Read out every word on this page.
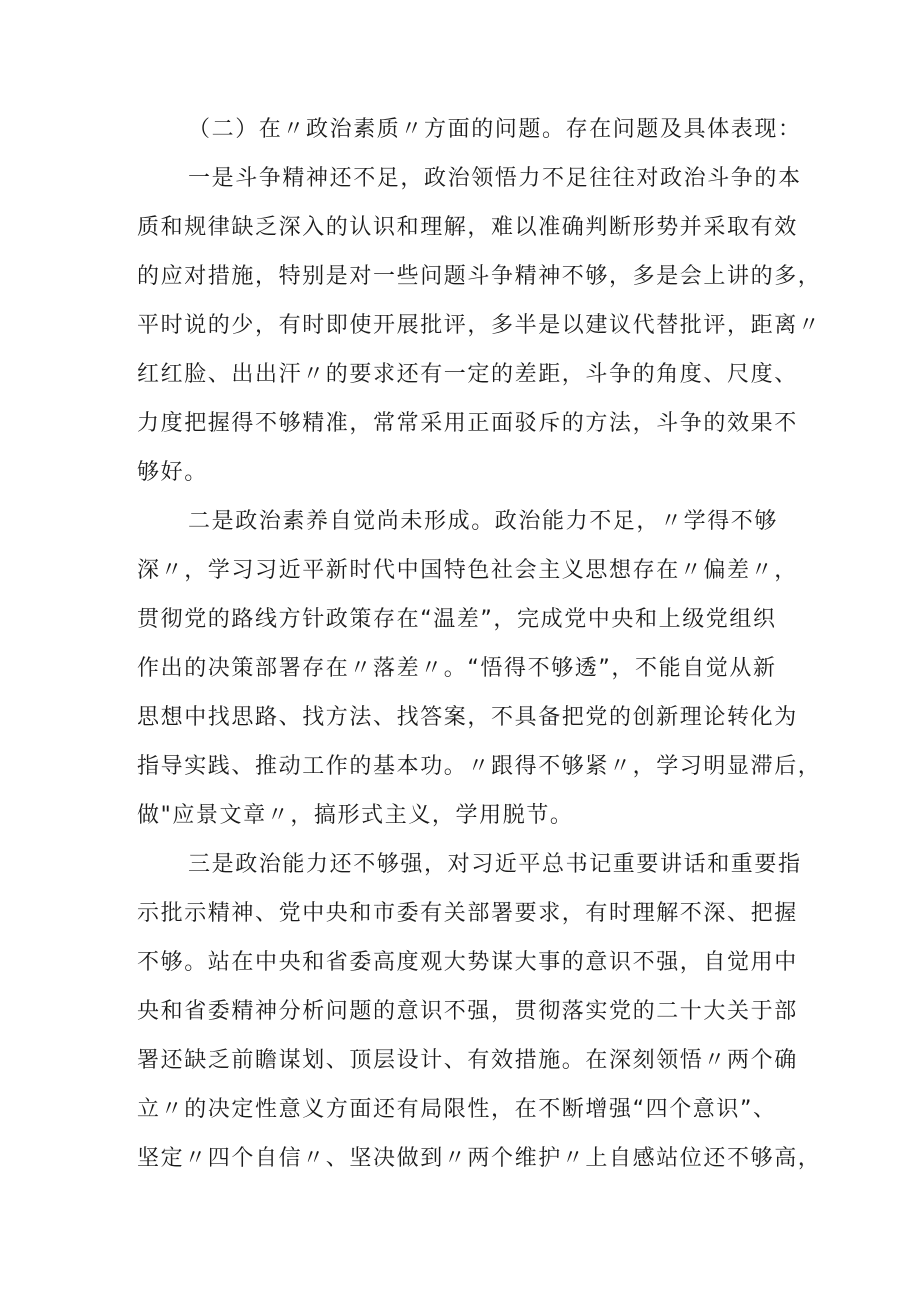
（二）在〃政治素质〃方面的问题。存在问题及具体表现：
一是斗争精神还不足，政治领悟力不足往往对政治斗争的本
质和规律缺乏深入的认识和理解，难以准确判断形势并采取有效
的应对措施，特别是对一些问题斗争精神不够，多是会上讲的多，
平时说的少，有时即使开展批评，多半是以建议代替批评，距离〃
红红脸、出出汗〃的要求还有一定的差距，斗争的角度、尺度、
力度把握得不够精准，常常采用正面驳斥的方法，斗争的效果不
够好。
二是政治素养自觉尚未形成。政治能力不足，〃学得不够
深〃，学习习近平新时代中国特色社会主义思想存在〃偏差〃，
贯彻党的路线方针政策存在“温差”，完成党中央和上级党组织
作出的决策部署存在〃落差〃。“悟得不够透”，不能自觉从新
思想中找思路、找方法、找答案，不具备把党的创新理论转化为
指导实践、推动工作的基本功。〃跟得不够紧〃，学习明显滞后，
做"应景文章〃，搞形式主义，学用脱节。
三是政治能力还不够强，对习近平总书记重要讲话和重要指
示批示精神、党中央和市委有关部署要求，有时理解不深、把握
不够。站在中央和省委高度观大势谋大事的意识不强，自觉用中
央和省委精神分析问题的意识不强，贯彻落实党的二十大关于部
署还缺乏前瞻谋划、顶层设计、有效措施。在深刻领悟〃两个确
立〃的决定性意义方面还有局限性，在不断增强“四个意识”、
坚定〃四个自信〃、坚决做到〃两个维护〃上自感站位还不够高，
